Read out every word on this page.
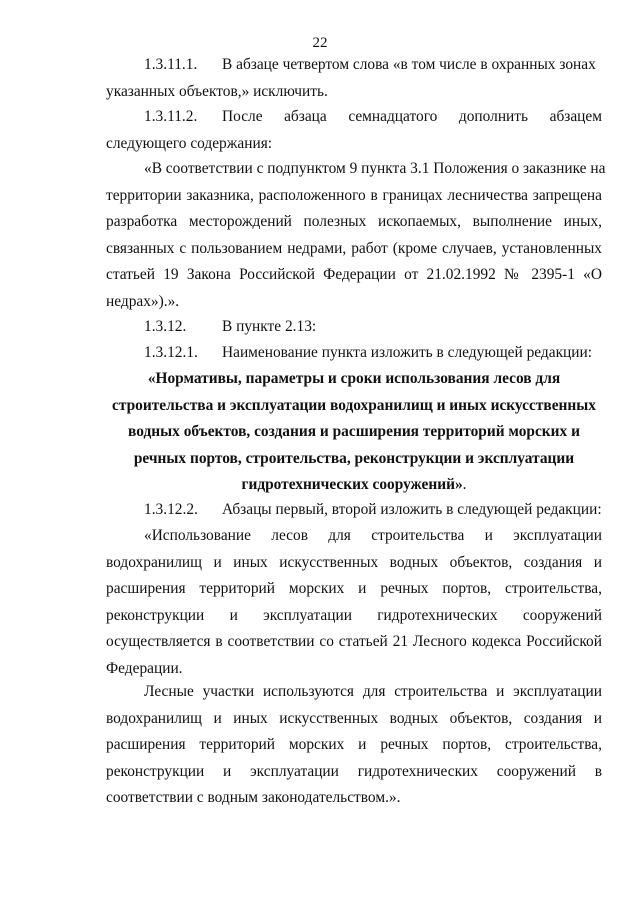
22
1.3.11.1. В абзаце четвертом слова «в том числе в охранных зонах
указанных объектов,» исключить.
1.3.11.2. После абзаца семнадцатого дополнить абзацем
следующего содержания:
«В соответствии с подпунктом 9 пункта 3.1 Положения о заказнике на
территории заказника, расположенного в границах лесничества запрещена
разработка месторождений полезных ископаемых, выполнение иных,
связанных с пользованием недрами, работ (кроме случаев, установленных
статьей 19 Закона Российской Федерации от 21.02.1992 № 2395-1 «О
недрах»).».
1.3.12. В пункте 2.13:
1.3.12.1. Наименование пункта изложить в следующей редакции:
«Нормативы, параметры и сроки использования лесов для
строительства и эксплуатации водохранилищ и иных искусственных
водных объектов, создания и расширения территорий морских и
речных портов, строительства, реконструкции и эксплуатации
гидротехнических сооружений».
1.3.12.2. Абзацы первый, второй изложить в следующей редакции:
«Использование лесов для строительства и эксплуатации
водохранилищ и иных искусственных водных объектов, создания и
расширения территорий морских и речных портов, строительства,
реконструкции и эксплуатации гидротехнических сооружений
осуществляется в соответствии со статьей 21 Лесного кодекса Российской
Федерации.
Лесные участки используются для строительства и эксплуатации
водохранилищ и иных искусственных водных объектов, создания и
расширения территорий морских и речных портов, строительства,
реконструкции и эксплуатации гидротехнических сооружений в
соответствии с водным законодательством.».
